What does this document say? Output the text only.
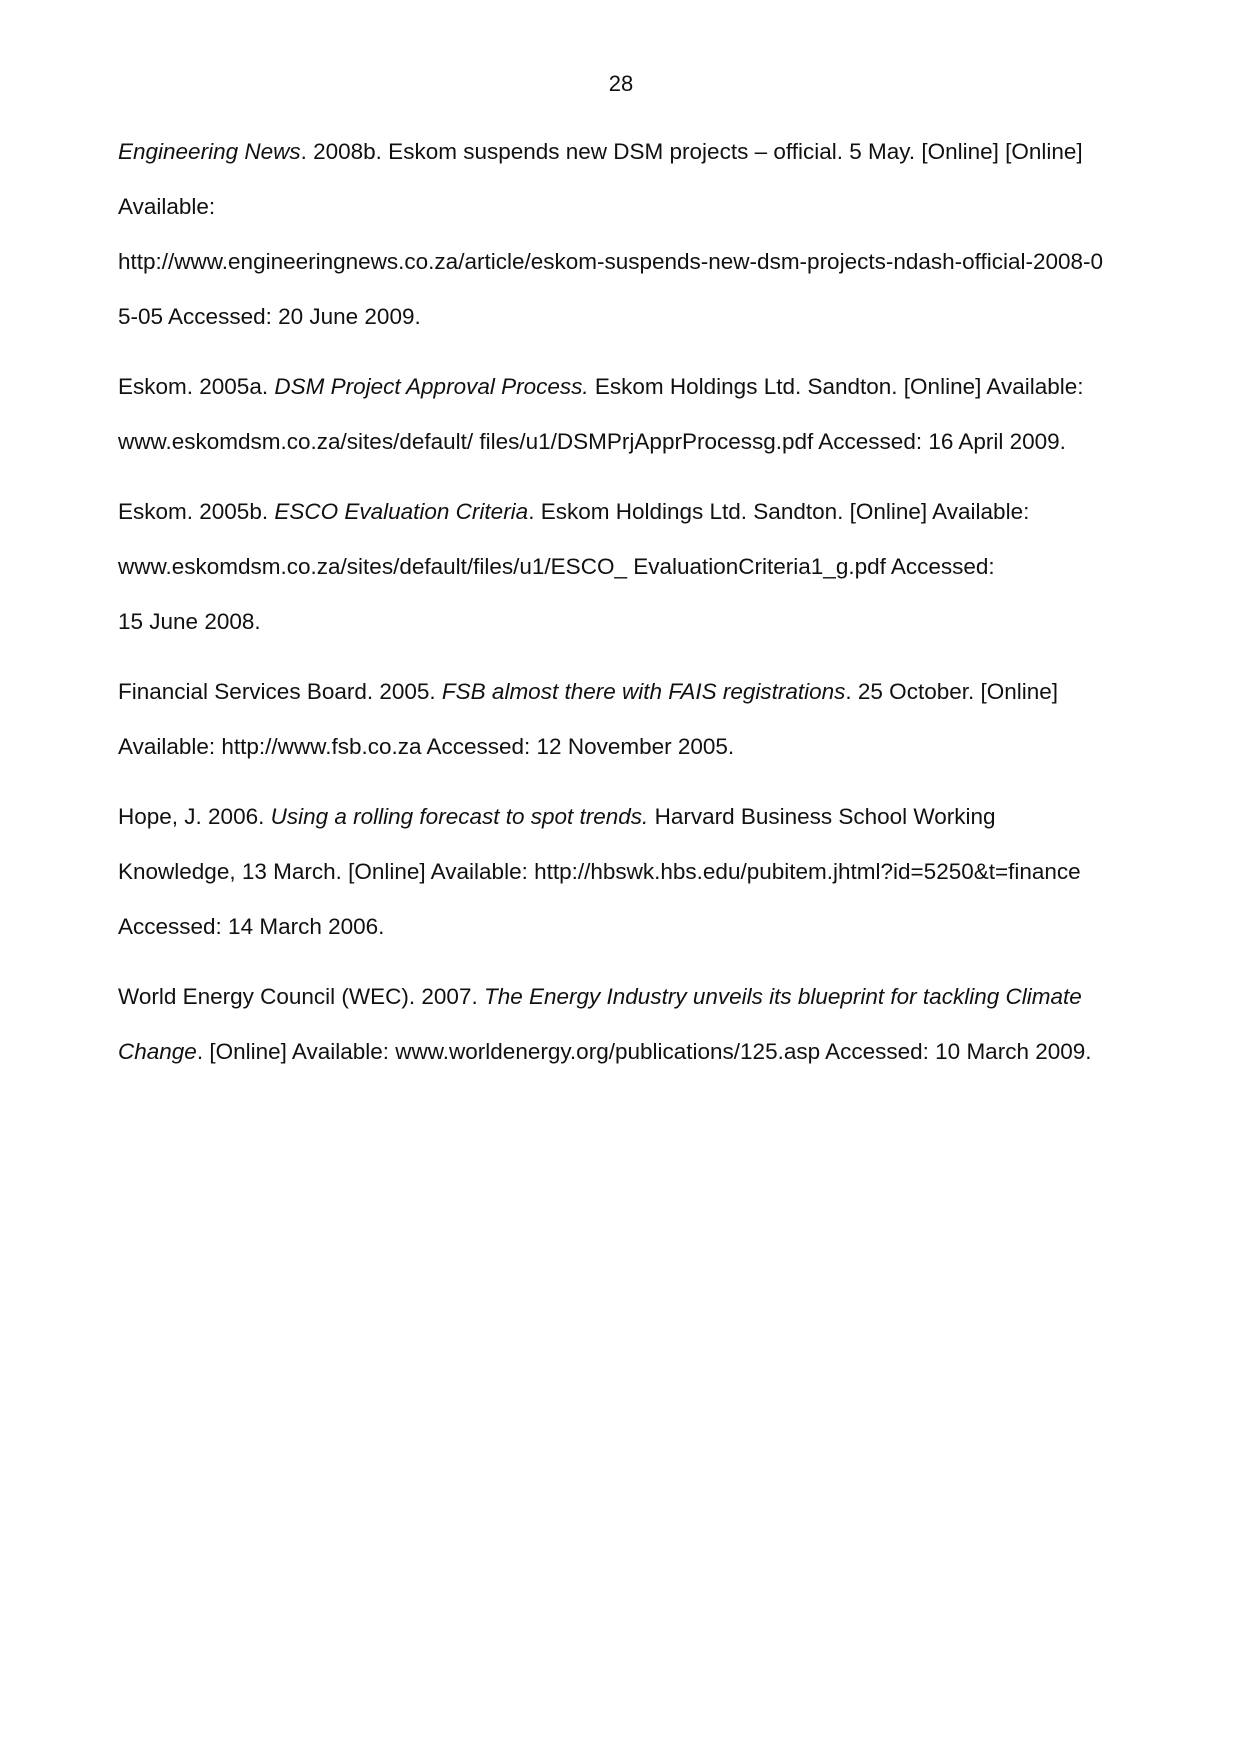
28
Engineering News. 2008b. Eskom suspends new DSM projects – official. 5 May. [Online] [Online]
Available:
http://www.engineeringnews.co.za/article/eskom-suspends-new-dsm-projects-ndash-official-2008-0
5-05 Accessed: 20 June 2009.
Eskom. 2005a. DSM Project Approval Process. Eskom Holdings Ltd. Sandton. [Online] Available:
www.eskomdsm.co.za/sites/default/ files/u1/DSMPrjApprProcessg.pdf Accessed: 16 April 2009.
Eskom. 2005b. ESCO Evaluation Criteria. Eskom Holdings Ltd. Sandton. [Online] Available:
www.eskomdsm.co.za/sites/default/files/u1/ESCO_ EvaluationCriteria1_g.pdf Accessed:
15 June 2008.
Financial Services Board. 2005. FSB almost there with FAIS registrations. 25 October. [Online]
Available: http://www.fsb.co.za Accessed: 12 November 2005.
Hope, J. 2006. Using a rolling forecast to spot trends. Harvard Business School Working
Knowledge, 13 March. [Online] Available: http://hbswk.hbs.edu/pubitem.jhtml?id=5250&t=finance
Accessed: 14 March 2006.
World Energy Council (WEC). 2007. The Energy Industry unveils its blueprint for tackling Climate
Change. [Online] Available: www.worldenergy.org/publications/125.asp Accessed: 10 March 2009.
